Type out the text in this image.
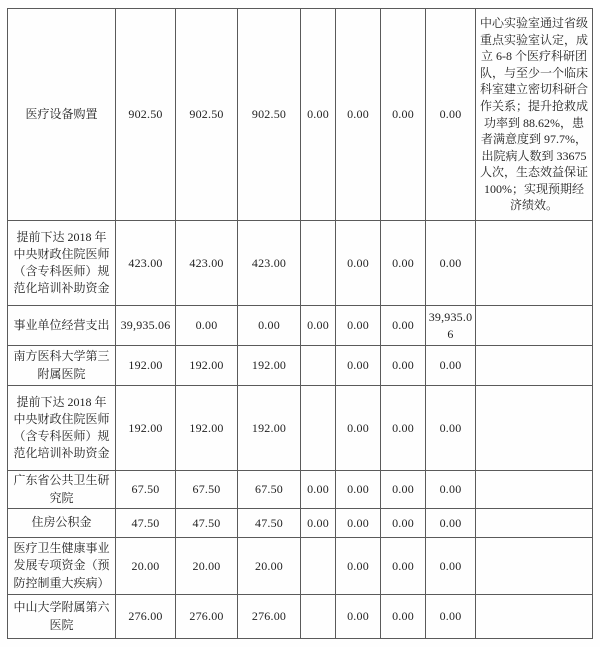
医疗设备购置	902.50	902.50	902.50	0.00	0.00	0.00	0.00	中心实验室通过省级重点实验室认定，成立 6-8 个医疗科研团队，与至少一个临床科室建立密切科研合作关系；提升抢救成功率到 88.62%，患者满意度到 97.7%，出院病人数到 33675 人次，生态效益保证 100%；实现预期经济绩效。
提前下达 2018 年中央财政住院医师（含专科医师）规范化培训补助资金	423.00	423.00	423.00		0.00	0.00	0.00	
事业单位经营支出	39,935.06	0.00	0.00	0.00	0.00	0.00	39,935.06	
南方医科大学第三附属医院	192.00	192.00	192.00		0.00	0.00	0.00	
提前下达 2018 年中央财政住院医师（含专科医师）规范化培训补助资金	192.00	192.00	192.00		0.00	0.00	0.00	
广东省公共卫生研究院	67.50	67.50	67.50	0.00	0.00	0.00	0.00	
住房公积金	47.50	47.50	47.50	0.00	0.00	0.00	0.00	
医疗卫生健康事业发展专项资金（预防控制重大疾病）	20.00	20.00	20.00		0.00	0.00	0.00	
中山大学附属第六医院	276.00	276.00	276.00		0.00	0.00	0.00	
